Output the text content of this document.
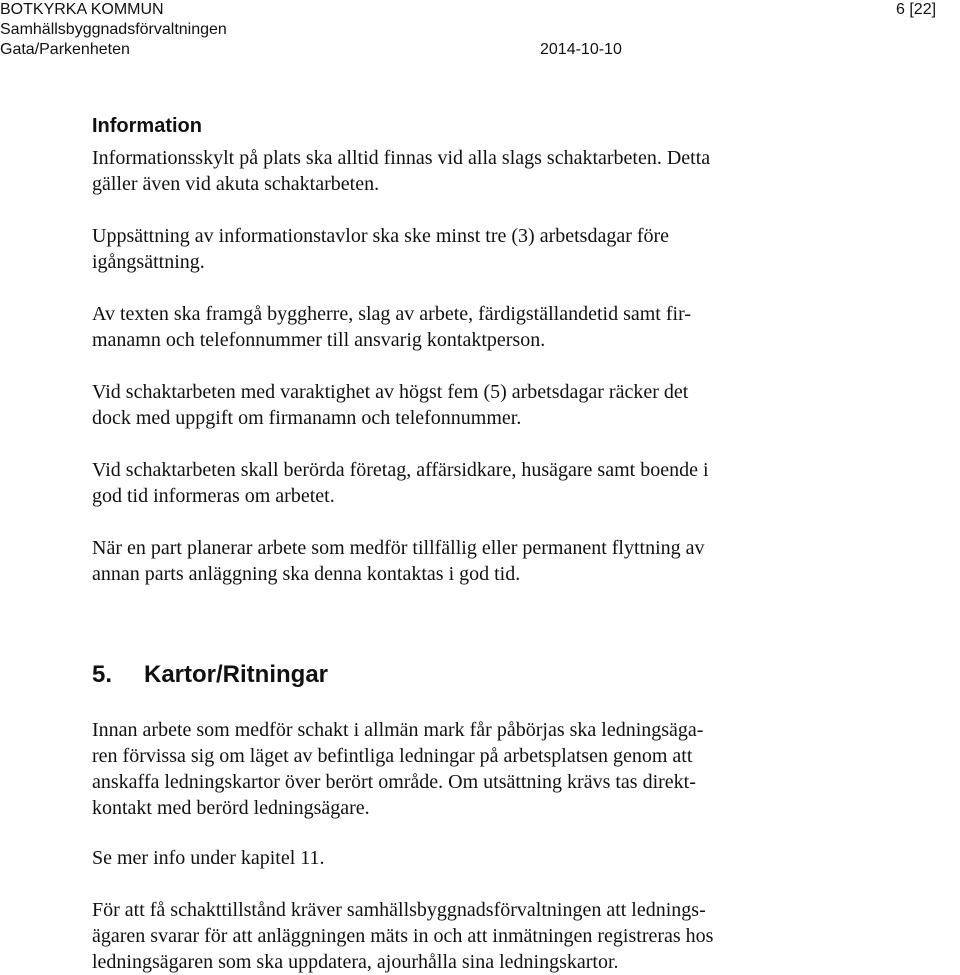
BOTKYRKA KOMMUN
Samhällsbyggnadsförvaltningen
Gata/Parkenheten	2014-10-10
6 [22]
Information
Informationsskylt på plats ska alltid finnas vid alla slags schaktarbeten. Detta
gäller även vid akuta schaktarbeten.
Uppsättning av informationstavlor ska ske minst tre (3) arbetsdagar före
igångsättning.
Av texten ska framgå byggherre, slag av arbete, färdigställandetid samt fir-
manamn och telefonnummer till ansvarig kontaktperson.
Vid schaktarbeten med varaktighet av högst fem (5) arbetsdagar räcker det
dock med uppgift om firmanamn och telefonnummer.
Vid schaktarbeten skall berörda företag, affärsidkare, husägare samt boende i
god tid informeras om arbetet.
När en part planerar arbete som medför tillfällig eller permanent flyttning av
annan parts anläggning ska denna kontaktas i god tid.
5. Kartor/Ritningar
Innan arbete som medför schakt i allmän mark får påbörjas ska ledningsäga-
ren förvissa sig om läget av befintliga ledningar på arbetsplatsen genom att
anskaffa ledningskartor över berört område. Om utsättning krävs tas direkt-
kontakt med berörd ledningsägare.
Se mer info under kapitel 11.
För att få schakttillstånd kräver samhällsbyggnadsförvaltningen att lednings-
ägaren svarar för att anläggningen mäts in och att inmätningen registreras hos
ledningsägaren som ska uppdatera, ajourhålla sina ledningskartor.
